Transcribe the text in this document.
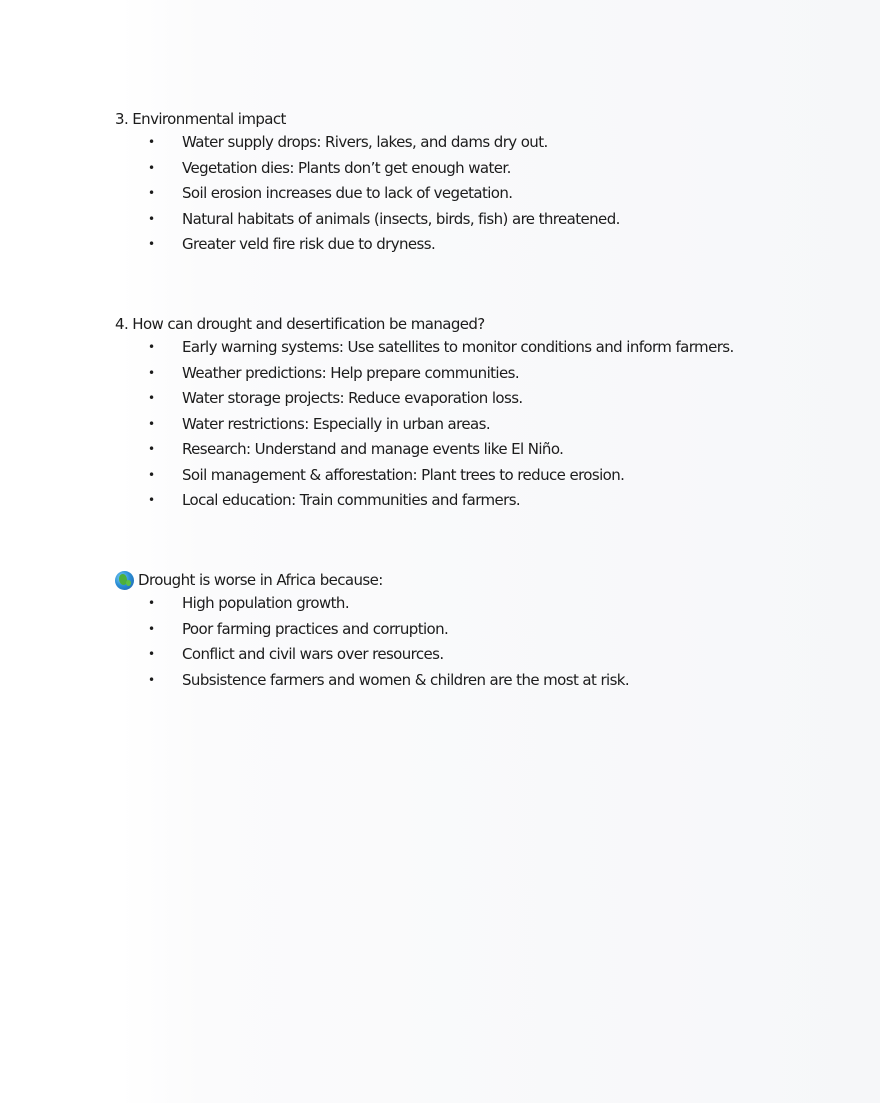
3. Environmental impact
• Water supply drops: Rivers, lakes, and dams dry out.
• Vegetation dies: Plants don’t get enough water.
• Soil erosion increases due to lack of vegetation.
• Natural habitats of animals (insects, birds, fish) are threatened.
• Greater veld fire risk due to dryness.
4. How can drought and desertification be managed?
• Early warning systems: Use satellites to monitor conditions and inform farmers.
• Weather predictions: Help prepare communities.
• Water storage projects: Reduce evaporation loss.
• Water restrictions: Especially in urban areas.
• Research: Understand and manage events like El Niño.
• Soil management & afforestation: Plant trees to reduce erosion.
• Local education: Train communities and farmers.
Drought is worse in Africa because:
• High population growth.
• Poor farming practices and corruption.
• Conflict and civil wars over resources.
• Subsistence farmers and women & children are the most at risk.
